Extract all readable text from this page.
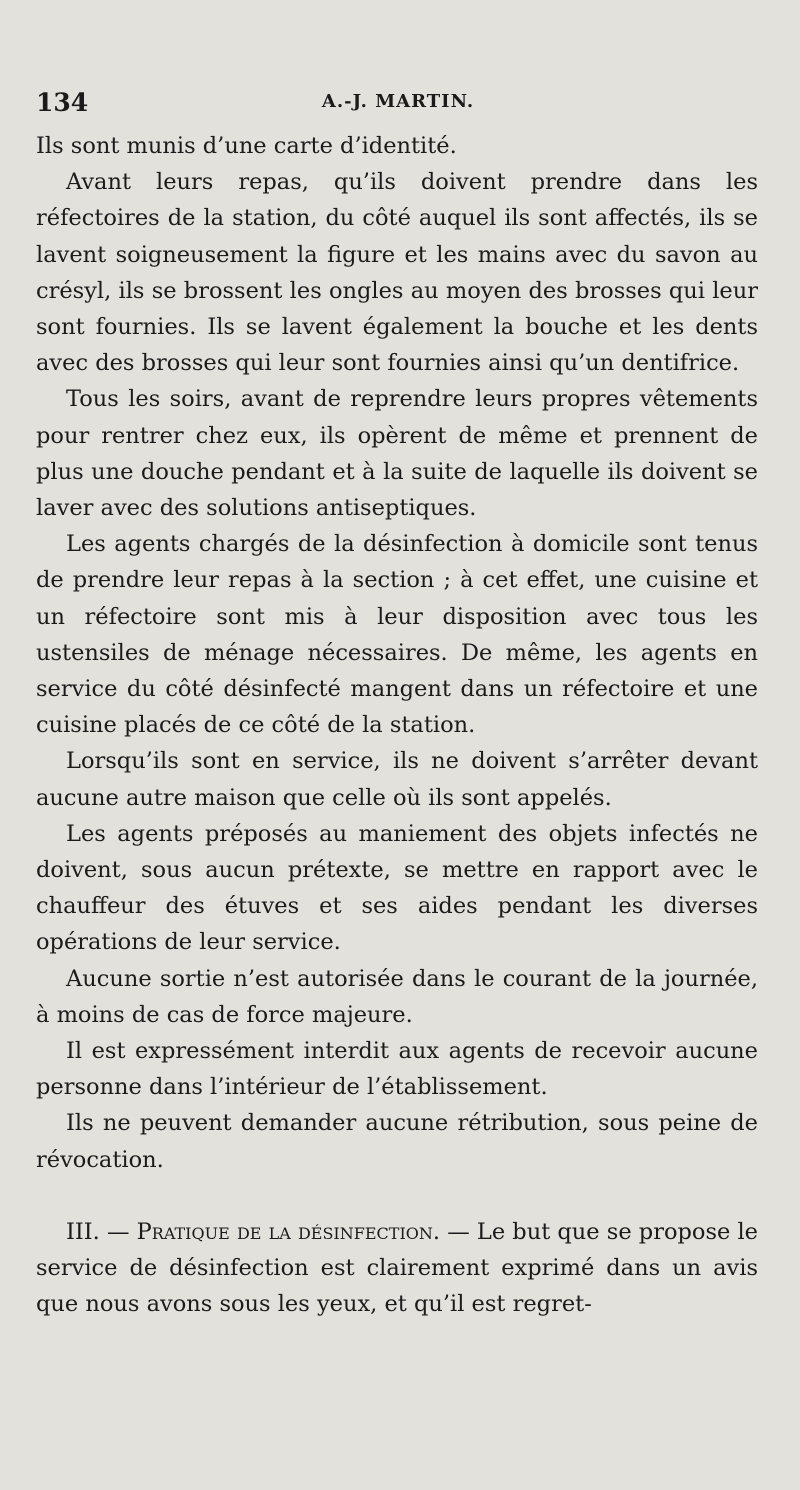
134	A.-J. MARTIN.

Ils sont munis d’une carte d’identité.

Avant leurs repas, qu’ils doivent prendre dans les réfectoires de la station, du côté auquel ils sont affectés, ils se lavent soigneusement la figure et les mains avec du savon au crésyl, ils se brossent les ongles au moyen des brosses qui leur sont fournies. Ils se lavent également la bouche et les dents avec des brosses qui leur sont fournies ainsi qu’un dentifrice.

Tous les soirs, avant de reprendre leurs propres vêtements pour rentrer chez eux, ils opèrent de même et prennent de plus une douche pendant et à la suite de laquelle ils doivent se laver avec des solutions antiseptiques.

Les agents chargés de la désinfection à domicile sont tenus de prendre leur repas à la section ; à cet effet, une cuisine et un réfectoire sont mis à leur disposition avec tous les ustensiles de ménage nécessaires. De même, les agents en service du côté désinfecté mangent dans un réfectoire et une cuisine placés de ce côté de la station.

Lorsqu’ils sont en service, ils ne doivent s’arrêter devant aucune autre maison que celle où ils sont appelés.

Les agents préposés au maniement des objets infectés ne doivent, sous aucun prétexte, se mettre en rapport avec le chauffeur des étuves et ses aides pendant les diverses opérations de leur service.

Aucune sortie n’est autorisée dans le courant de la journée, à moins de cas de force majeure.

Il est expressément interdit aux agents de recevoir aucune personne dans l’intérieur de l’établissement.

Ils ne peuvent demander aucune rétribution, sous peine de révocation.

III. — Pratique de la désinfection. — Le but que se propose le service de désinfection est clairement exprimé dans un avis que nous avons sous les yeux, et qu’il est regret-
